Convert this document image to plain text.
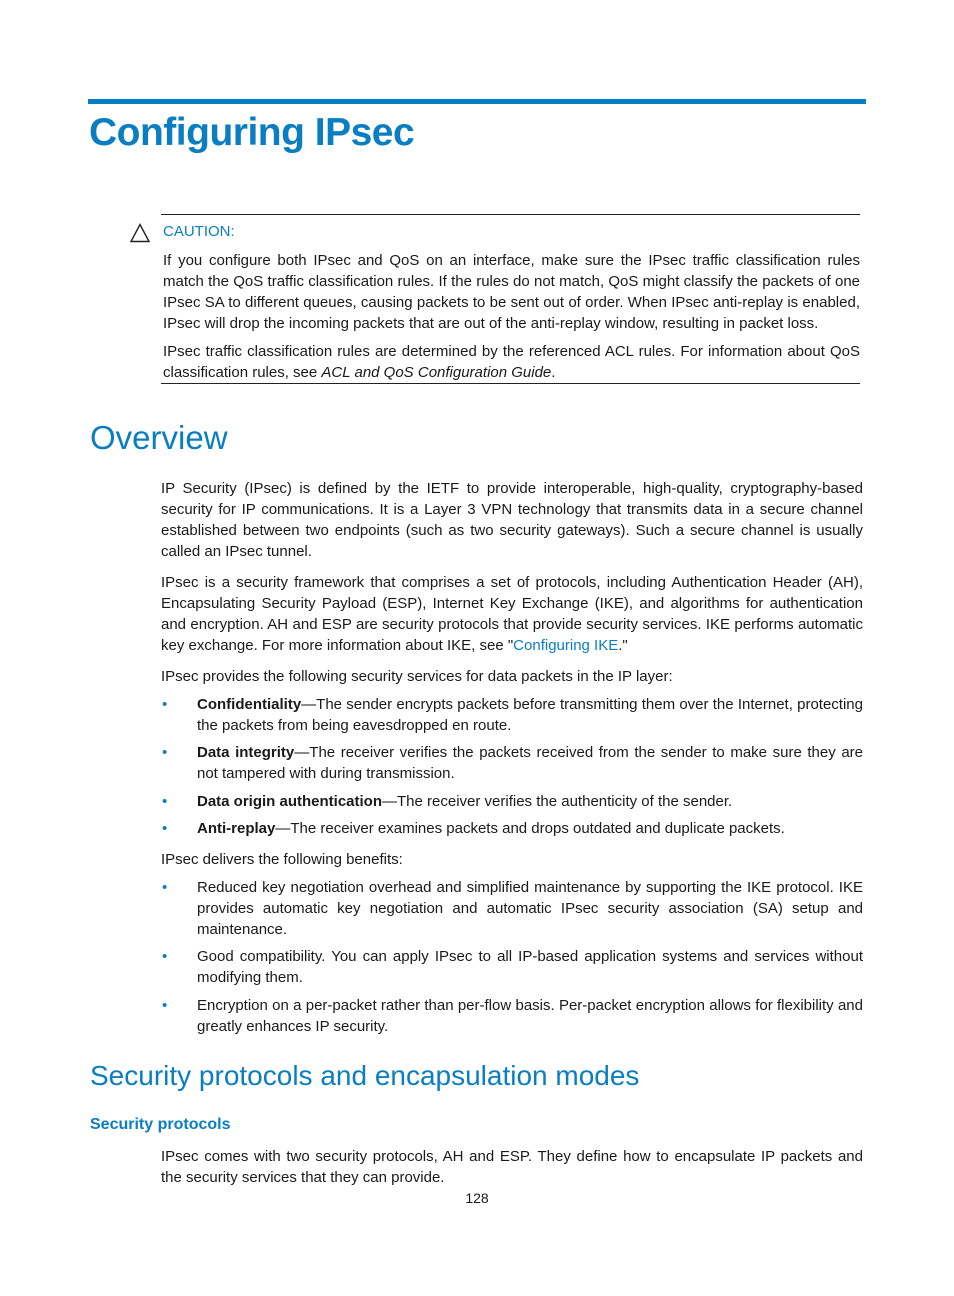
Configuring IPsec
CAUTION:

If you configure both IPsec and QoS on an interface, make sure the IPsec traffic classification rules match the QoS traffic classification rules. If the rules do not match, QoS might classify the packets of one IPsec SA to different queues, causing packets to be sent out of order. When IPsec anti-replay is enabled, IPsec will drop the incoming packets that are out of the anti-replay window, resulting in packet loss.

IPsec traffic classification rules are determined by the referenced ACL rules. For information about QoS classification rules, see ACL and QoS Configuration Guide.

Overview

IP Security (IPsec) is defined by the IETF to provide interoperable, high-quality, cryptography-based security for IP communications. It is a Layer 3 VPN technology that transmits data in a secure channel established between two endpoints (such as two security gateways). Such a secure channel is usually called an IPsec tunnel.

IPsec is a security framework that comprises a set of protocols, including Authentication Header (AH), Encapsulating Security Payload (ESP), Internet Key Exchange (IKE), and algorithms for authentication and encryption. AH and ESP are security protocols that provide security services. IKE performs automatic key exchange. For more information about IKE, see "Configuring IKE."

IPsec provides the following security services for data packets in the IP layer:

• Confidentiality—The sender encrypts packets before transmitting them over the Internet, protecting the packets from being eavesdropped en route.

• Data integrity—The receiver verifies the packets received from the sender to make sure they are not tampered with during transmission.

• Data origin authentication—The receiver verifies the authenticity of the sender.

• Anti-replay—The receiver examines packets and drops outdated and duplicate packets.

IPsec delivers the following benefits:

• Reduced key negotiation overhead and simplified maintenance by supporting the IKE protocol. IKE provides automatic key negotiation and automatic IPsec security association (SA) setup and maintenance.

• Good compatibility. You can apply IPsec to all IP-based application systems and services without modifying them.

• Encryption on a per-packet rather than per-flow basis. Per-packet encryption allows for flexibility and greatly enhances IP security.

Security protocols and encapsulation modes
Security protocols

IPsec comes with two security protocols, AH and ESP. They define how to encapsulate IP packets and the security services that they can provide.

128
